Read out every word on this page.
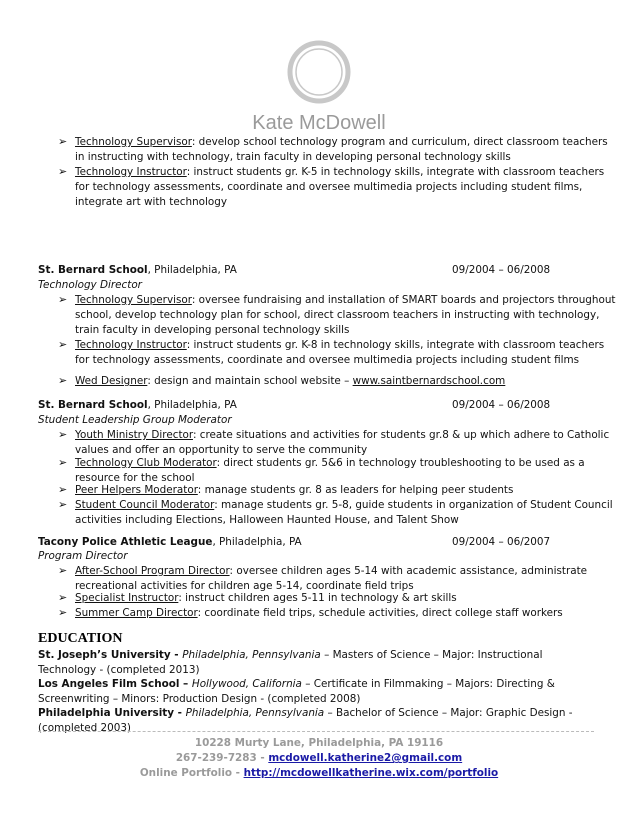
Kate McDowell
➢ Technology Supervisor: develop school technology program and curriculum, direct classroom teachers in instructing with technology, train faculty in developing personal technology skills
➢ Technology Instructor: instruct students gr. K-5 in technology skills, integrate with classroom teachers for technology assessments, coordinate and oversee multimedia projects including student films, integrate art with technology
St. Bernard School, Philadelphia, PA	09/2004 – 06/2008
Technology Director
➢ Technology Supervisor: oversee fundraising and installation of SMART boards and projectors throughout school, develop technology plan for school, direct classroom teachers in instructing with technology, train faculty in developing personal technology skills
➢ Technology Instructor: instruct students gr. K-8 in technology skills, integrate with classroom teachers for technology assessments, coordinate and oversee multimedia projects including student films
➢ Wed Designer: design and maintain school website – www.saintbernardschool.com
St. Bernard School, Philadelphia, PA	09/2004 – 06/2008
Student Leadership Group Moderator
➢ Youth Ministry Director: create situations and activities for students gr.8 & up which adhere to Catholic values and offer an opportunity to serve the community
➢ Technology Club Moderator: direct students gr. 5&6 in technology troubleshooting to be used as a resource for the school
➢ Peer Helpers Moderator: manage students gr. 8 as leaders for helping peer students
➢ Student Council Moderator: manage students gr. 5-8, guide students in organization of Student Council activities including Elections, Halloween Haunted House, and Talent Show
Tacony Police Athletic League, Philadelphia, PA	09/2004 – 06/2007
Program Director
➢ After-School Program Director: oversee children ages 5-14 with academic assistance, administrate recreational activities for children age 5-14, coordinate field trips
➢ Specialist Instructor: instruct children ages 5-11 in technology & art skills
➢ Summer Camp Director: coordinate field trips, schedule activities, direct college staff workers
EDUCATION
St. Joseph’s University - Philadelphia, Pennsylvania – Masters of Science – Major: Instructional Technology - (completed 2013)
Los Angeles Film School – Hollywood, California – Certificate in Filmmaking – Majors: Directing & Screenwriting – Minors: Production Design - (completed 2008)
Philadelphia University - Philadelphia, Pennsylvania – Bachelor of Science – Major: Graphic Design - (completed 2003)
10228 Murty Lane, Philadelphia, PA 19116
267-239-7283 - mcdowell.katherine2@gmail.com
Online Portfolio - http://mcdowellkatherine.wix.com/portfolio
